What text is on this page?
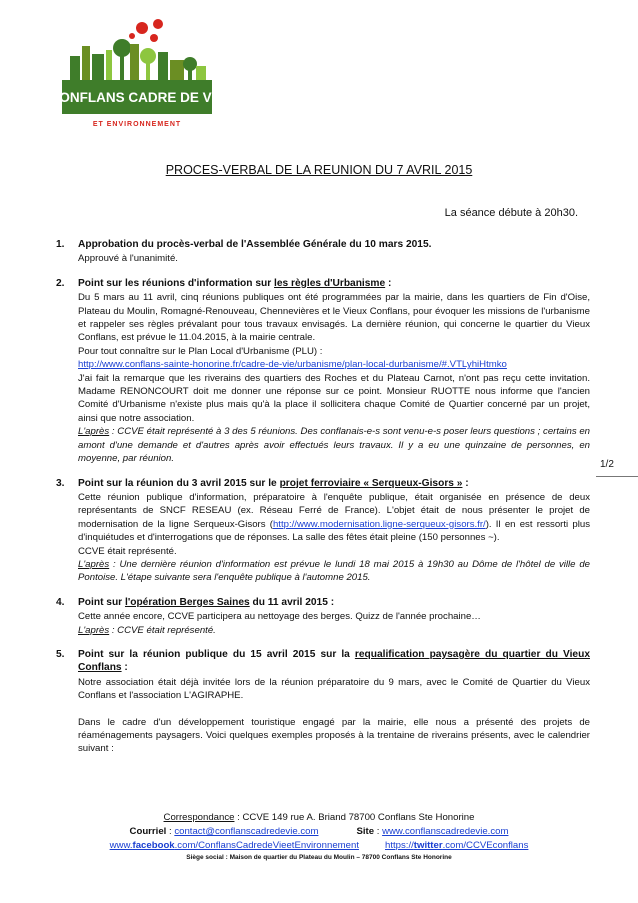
CONFLANS CADRE DE VIE
ET ENVIRONNEMENT
PROCES-VERBAL DE LA REUNION DU 7 AVRIL 2015
La séance débute à 20h30.
1.	Approbation du procès-verbal de l'Assemblée Générale du 10 mars 2015.

Approuvé à l'unanimité.

2.	Point sur les réunions d'information sur les règles d'Urbanisme :

Du 5 mars au 11 avril, cinq réunions publiques ont été programmées par la mairie, dans les quartiers de Fin d'Oise, Plateau du Moulin, Romagné-Renouveau, Chennevières et le Vieux Conflans, pour évoquer les missions de l'urbanisme et rappeler ses règles prévalant pour tous travaux envisagés. La dernière réunion, qui concerne le quartier du Vieux Conflans, est prévue le 11.04.2015, à la mairie centrale.

Pour tout connaître sur le Plan Local d'Urbanisme (PLU) :

http://www.conflans-sainte-honorine.fr/cadre-de-vie/urbanisme/plan-local-durbanisme/#.VTLyhiHtmko

J'ai fait la remarque que les riverains des quartiers des Roches et du Plateau Carnot, n'ont pas reçu cette invitation. Madame RENONCOURT doit me donner une réponse sur ce point. Monsieur RUOTTE nous informe que l'ancien Comité d'Urbanisme n'existe plus mais qu'à la place il sollicitera chaque Comité de Quartier concerné par un projet, ainsi que notre association.

L'après : CCVE était représenté à 3 des 5 réunions. Des conflanais-e-s sont venu-e-s poser leurs questions ; certains en amont d'une demande et d'autres après avoir effectués leurs travaux. Il y a eu une quinzaine de personnes, en moyenne, par réunion.

3.	Point sur la réunion du 3 avril 2015 sur le projet ferroviaire « Serqueux-Gisors » :

Cette réunion publique d'information, préparatoire à l'enquête publique, était organisée en présence de deux représentants de SNCF RESEAU (ex. Réseau Ferré de France). L'objet était de nous présenter le projet de modernisation de la ligne Serqueux-Gisors (http://www.modernisation.ligne-serqueux-gisors.fr/). Il en est ressorti plus d'inquiétudes et d'interrogations que de réponses. La salle des fêtes était pleine (150 personnes ~).

CCVE était représenté.

L'après : Une dernière réunion d'information est prévue le lundi 18 mai 2015 à 19h30 au Dôme de l'hôtel de ville de Pontoise. L'étape suivante sera l'enquête publique à l'automne 2015.

4.	Point sur l'opération Berges Saines du 11 avril 2015 :

Cette année encore, CCVE participera au nettoyage des berges. Quizz de l'année prochaine…

L'après : CCVE était représenté.

5.	Point sur la réunion publique du 15 avril 2015 sur la requalification paysagère du quartier du Vieux Conflans :

Notre association était déjà invitée lors de la réunion préparatoire du 9 mars, avec le Comité de Quartier du Vieux Conflans et l'association L'AGIRAPHE.

Dans le cadre d'un développement touristique engagé par la mairie, elle nous a présenté des projets de réaménagements paysagers. Voici quelques exemples proposés à la trentaine de riverains présents, avec le calendrier suivant :

1/2
Correspondance : CCVE 149 rue A. Briand 78700 Conflans Ste Honorine
Courriel : contact@conflanscadredevie.com	Site : www.conflanscadredevie.com
www.facebook.com/ConflansCadredeVieetEnvironnement	https://twitter.com/CCVEconflans
Siège social : Maison de quartier du Plateau du Moulin – 78700 Conflans Ste Honorine
